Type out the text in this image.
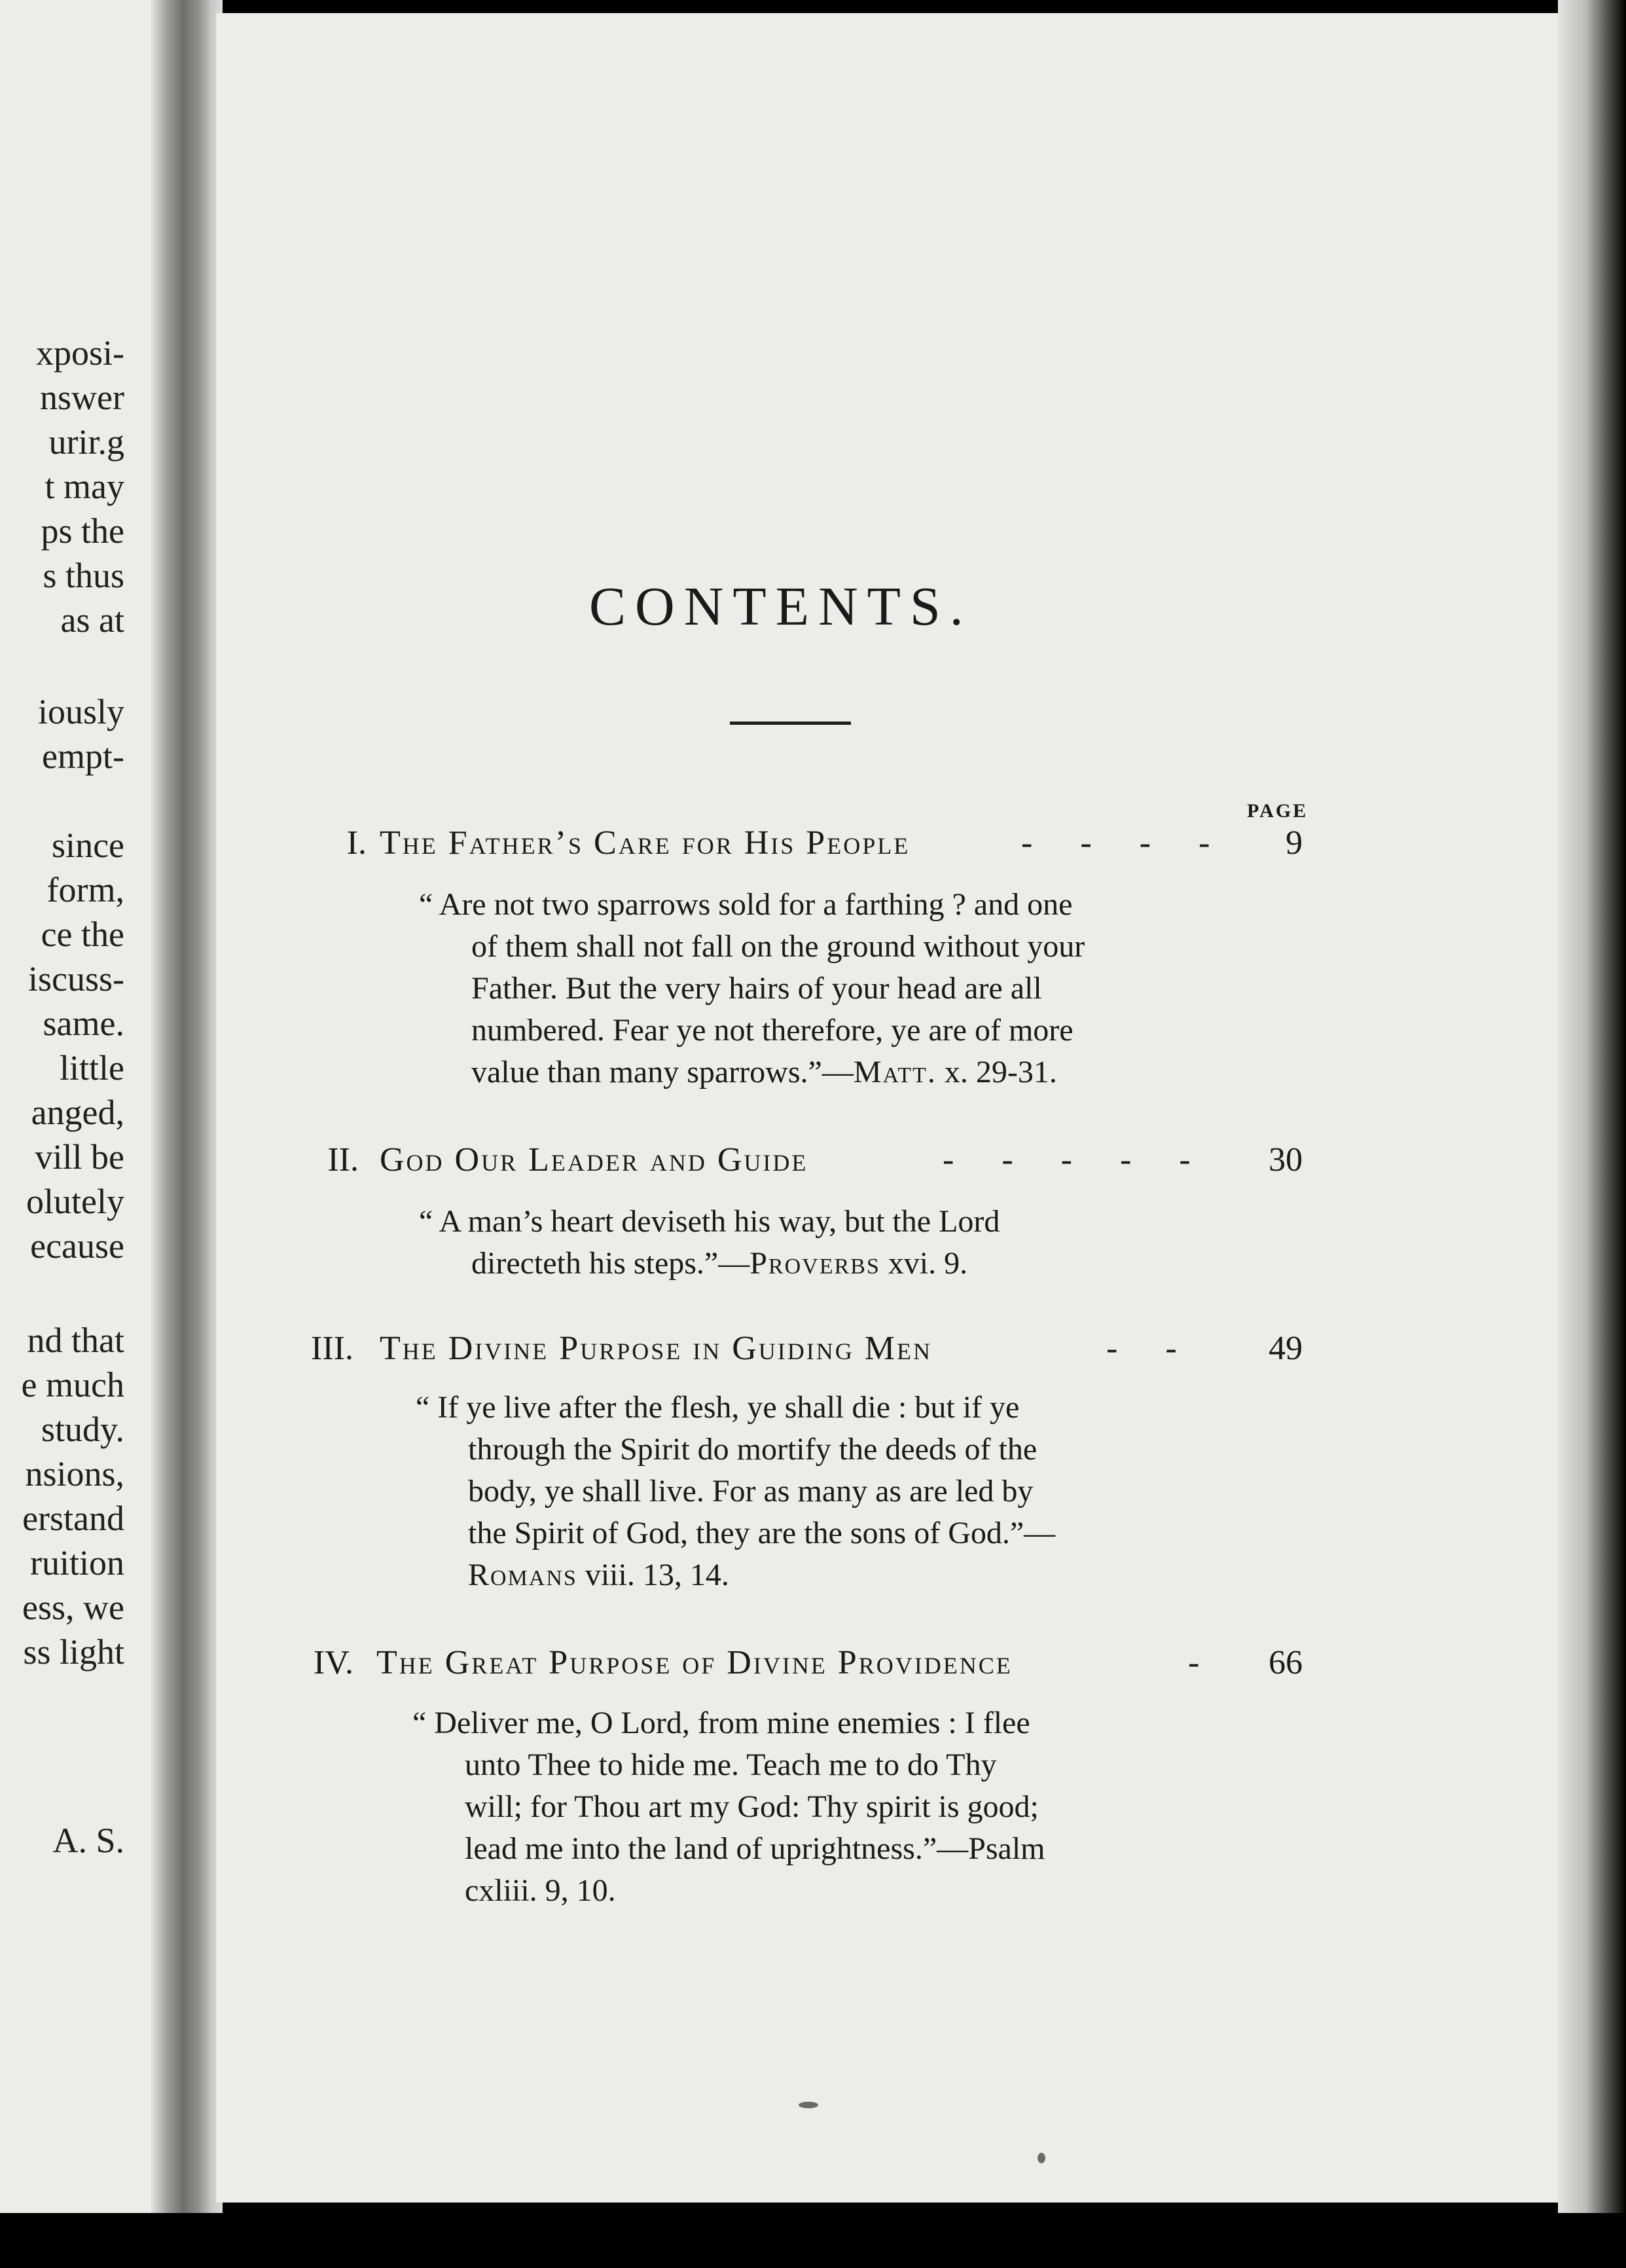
xposi-
nswer
urir.g
t may
ps the
s thus
as at
iously
empt-
since
form,
ce the
iscuss-
same.
little
anged,
vill be
olutely
ecause
nd that
e much
study.
nsions,
erstand
ruition
ess, we
ss light
A. S.
CONTENTS.
PAGE
I. The Father’s Care for His People	- - - -	9
“ Are not two sparrows sold for a farthing ? and one
of them shall not fall on the ground without your
Father. But the very hairs of your head are all
numbered. Fear ye not therefore, ye are of more
value than many sparrows.”—Matt. x. 29-31.
II. God Our Leader and Guide	- - - - -	30
“ A man’s heart deviseth his way, but the Lord
directeth his steps.”—Proverbs xvi. 9.
III. The Divine Purpose in Guiding Men	- -	49
“ If ye live after the flesh, ye shall die : but if ye
through the Spirit do mortify the deeds of the
body, ye shall live. For as many as are led by
the Spirit of God, they are the sons of God.”—
Romans viii. 13, 14.
IV. The Great Purpose of Divine Providence	-	66
“ Deliver me, O Lord, from mine enemies : I flee
unto Thee to hide me. Teach me to do Thy
will; for Thou art my God: Thy spirit is good;
lead me into the land of uprightness.”—Psalm
cxliii. 9, 10.
